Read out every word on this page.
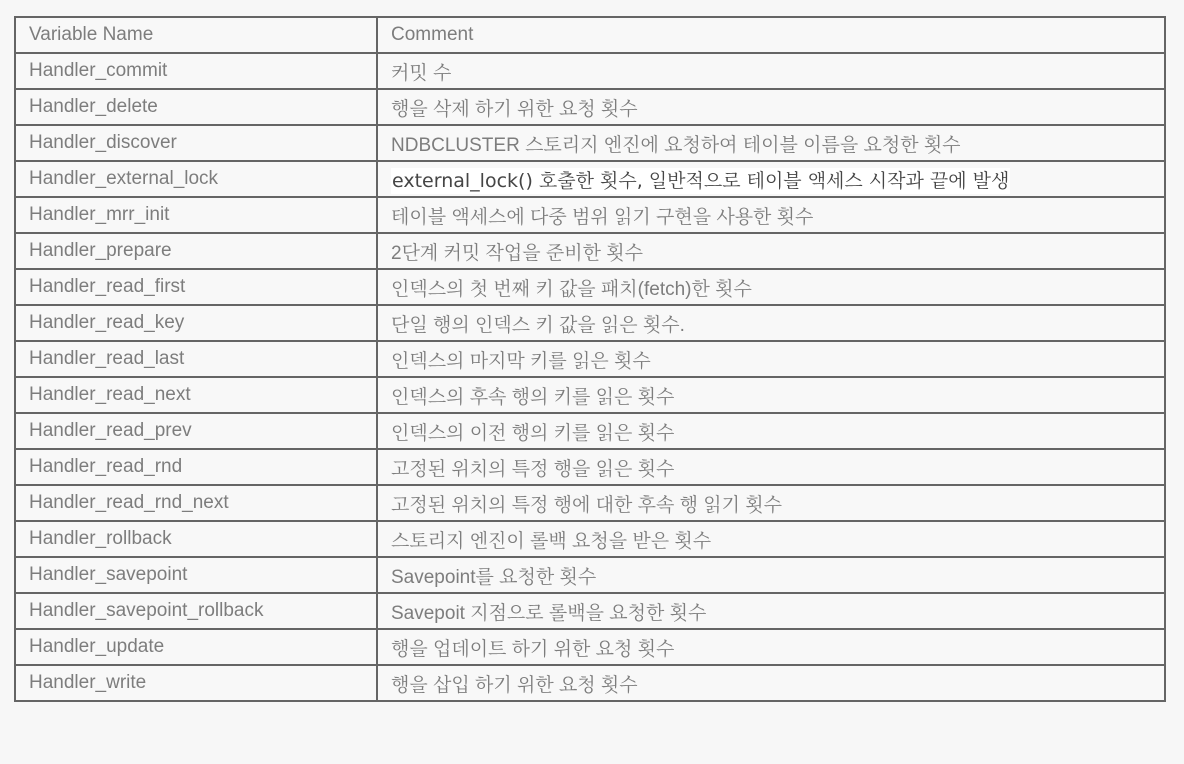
Variable Name	Comment
Handler_commit	커밋 수
Handler_delete	행을 삭제 하기 위한 요청 횟수
Handler_discover	NDBCLUSTER 스토리지 엔진에 요청하여 테이블 이름을 요청한 횟수
Handler_external_lock	external_lock() 호출한 횟수, 일반적으로 테이블 액세스 시작과 끝에 발생
Handler_mrr_init	테이블 액세스에 다중 범위 읽기 구현을 사용한 횟수
Handler_prepare	2단계 커밋 작업을 준비한 횟수
Handler_read_first	인덱스의 첫 번째 키 값을 패치(fetch)한 횟수
Handler_read_key	단일 행의 인덱스 키 값을 읽은 횟수.
Handler_read_last	인덱스의 마지막 키를 읽은 횟수
Handler_read_next	인덱스의 후속 행의 키를 읽은 횟수
Handler_read_prev	인덱스의 이전 행의 키를 읽은 횟수
Handler_read_rnd	고정된 위치의 특정 행을 읽은 횟수
Handler_read_rnd_next	고정된 위치의 특정 행에 대한 후속 행 읽기 횟수
Handler_rollback	스토리지 엔진이 롤백 요청을 받은 횟수
Handler_savepoint	Savepoint를 요청한 횟수
Handler_savepoint_rollback	Savepoit 지점으로 롤백을 요청한 횟수
Handler_update	행을 업데이트 하기 위한 요청 횟수
Handler_write	행을 삽입 하기 위한 요청 횟수
